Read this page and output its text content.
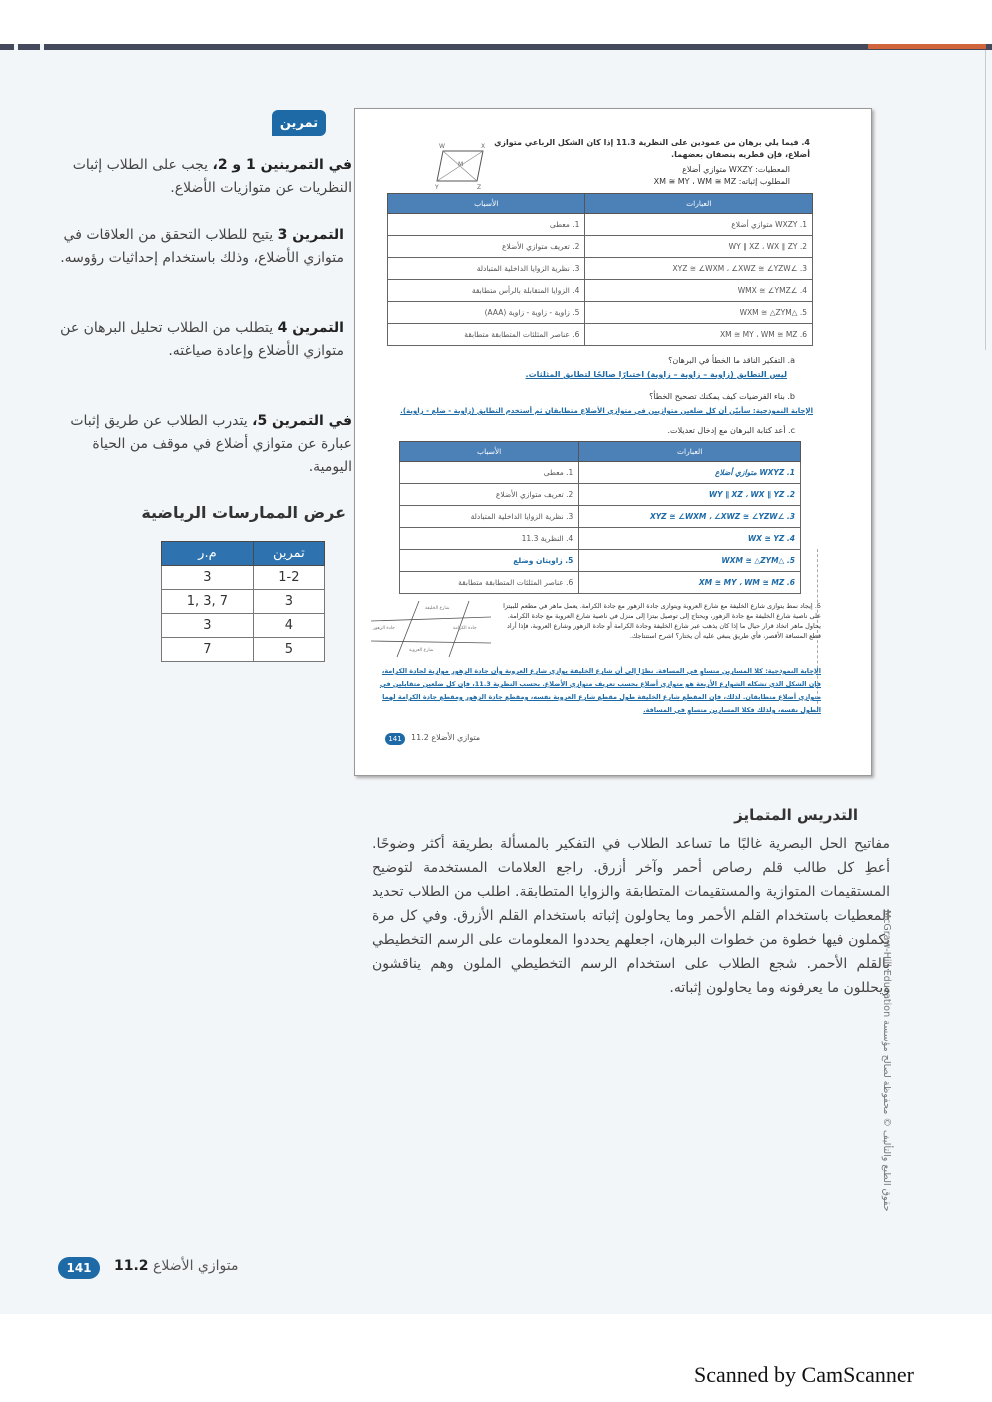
تمرين
في التمرينين 1 و 2، يجب على الطلاب إثبات النظريات عن متوازيات الأضلاع.
التمرين 3 يتيح للطلاب التحقق من العلاقات في متوازي الأضلاع، وذلك باستخدام إحداثيات رؤوسه.
التمرين 4 يتطلب من الطلاب تحليل البرهان عن متوازي الأضلاع وإعادة صياغته.
في التمرين 5، يتدرب الطلاب عن طريق إثبات عبارة عن متوازي أضلاع في موقف من الحياة اليومية.
عرض الممارسات الرياضية
م.ر	تمرين
3	1-2
1, 3, 7	3
3	4
7	5
4. فيما يلي برهان من عمودين على النظرية 11.3 إذا كان الشكل الرباعي متوازي أضلاع، فإن قطريه ينصفان بعضهما.
W	X
M
Y	Z
المعطيات: WXZY متوازي أضلاع
المطلوب إثباته: XM ≅ MY ، WM ≅ MZ
الأسباب	العبارات
1. معطى	1. WXZY متوازي أضلاع
2. تعريف متوازي الأضلاع	2. WY ∥ XZ ، WX ∥ ZY
3. نظرية الزوايا الداخلية المتبادلة	3. ∠XYZ ≅ ∠WXM ، ∠XWZ ≅ ∠YZW
4. الزوايا المتقابلة بالرأس متطابقة	4. ∠WMX ≅ ∠YMZ
5. زاوية - زاوية - زاوية (AAA)	5. △WXM ≅ △ZYM
6. عناصر المثلثات المتطابقة متطابقة	6. XM ≅ MY ، WM ≅ MZ
a. التفكير الناقد ما الخطأ في البرهان؟
ليس التطابق (زاوية – زاوية – زاوية) اختبارًا صالحًا لتطابق المثلثات.
b. بناء الفرضيات كيف يمكنك تصحيح الخطأ؟
الإجابة النموذجية: سأبيّن أن كل ضلعين متوازيين في متوازي الأضلاع متطابقان ثم أستخدم التطابق (زاوية - ضلع - زاوية).
c. أعد كتابة البرهان مع إدخال تعديلات.
الأسباب	العبارات
1. معطى	1. WXYZ متوازي أضلاع
2. تعريف متوازي الأضلاع	2. WY ∥ XZ ، WX ∥ YZ
3. نظرية الزوايا الداخلية المتبادلة	3. ∠XYZ ≅ ∠WXM ، ∠XWZ ≅ ∠YZW
4. النظرية 11.3	4. WX ≅ YZ
5. زاويتان وضلع	5. △WXM ≅ △ZYM
6. عناصر المثلثات المتطابقة متطابقة	6. XM ≅ MY ، WM ≅ MZ
شارع الخليفة
جادة الزهور	جادة الكرامة
شارع العروبة
5. إيجاد نمط يتوازى شارع الخليفة مع شارع العروبة ويتوازى جادة الزهور مع جادة الكرامة. يعمل ماهر في مطعم للبيتزا على ناصية شارع الخليفة مع جادة الزهور، ويحتاج إلى توصيل بيتزا إلى منزل في ناصية شارع العروبة مع جادة الكرامة. يحاول ماهر اتخاذ قرار حيال ما إذا كان يذهب عبر شارع الخليفة وجادة الكرامة أو جادة الزهور وشارع العروبة، فإذا أراد قطع المسافة الأقصر، فأي طريق ينبغي عليه أن يختار؟ اشرح استنتاجك.
الإجابة النموذجية: كلا المسارين متساوٍ في المسافة. نظرًا إلى أن شارع الخليفة يوازي شارع العروبة وأن جادة الزهور موازية لجادة الكرامة، فإن الشكل الذي تشكله الشوارع الأربعة هو متوازي أضلاع بحسب تعريف متوازي الأضلاع. بحسب النظرية 11.3، فإن كل ضلعين متقابلين في متوازي أضلاع متطابقان. لذلك، فإن المقطع شارع الخليفة طول مقطع شارع العروبة نفسه، ومقطع جادة الزهور ومقطع جادة الكرامة لهما الطول نفسه، ولذلك فكلا المسارين متساوٍ في المسافة.
141	11.2 متوازي الأضلاع
التدريس المتمايز
مفاتيح الحل البصرية غالبًا ما تساعد الطلاب في التفكير بالمسألة بطريقة أكثر وضوحًا. أعطِ كل طالب قلم رصاص أحمر وآخر أزرق. راجع العلامات المستخدمة لتوضيح المستقيمات المتوازية والمستقيمات المتطابقة والزوايا المتطابقة. اطلب من الطلاب تحديد المعطيات باستخدام القلم الأحمر وما يحاولون إثباته باستخدام القلم الأزرق. وفي كل مرة يكملون فيها خطوة من خطوات البرهان، اجعلهم يحددوا المعلومات على الرسم التخطيطي بالقلم الأحمر. شجع الطلاب على استخدام الرسم التخطيطي الملون وهم يناقشون ويحللون ما يعرفونه وما يحاولون إثباته.
McGraw-Hill Education حقوق الطبع والتأليف © محفوظة لصالح مؤسسة
141	متوازي الأضلاع 11.2
Scanned by CamScanner
